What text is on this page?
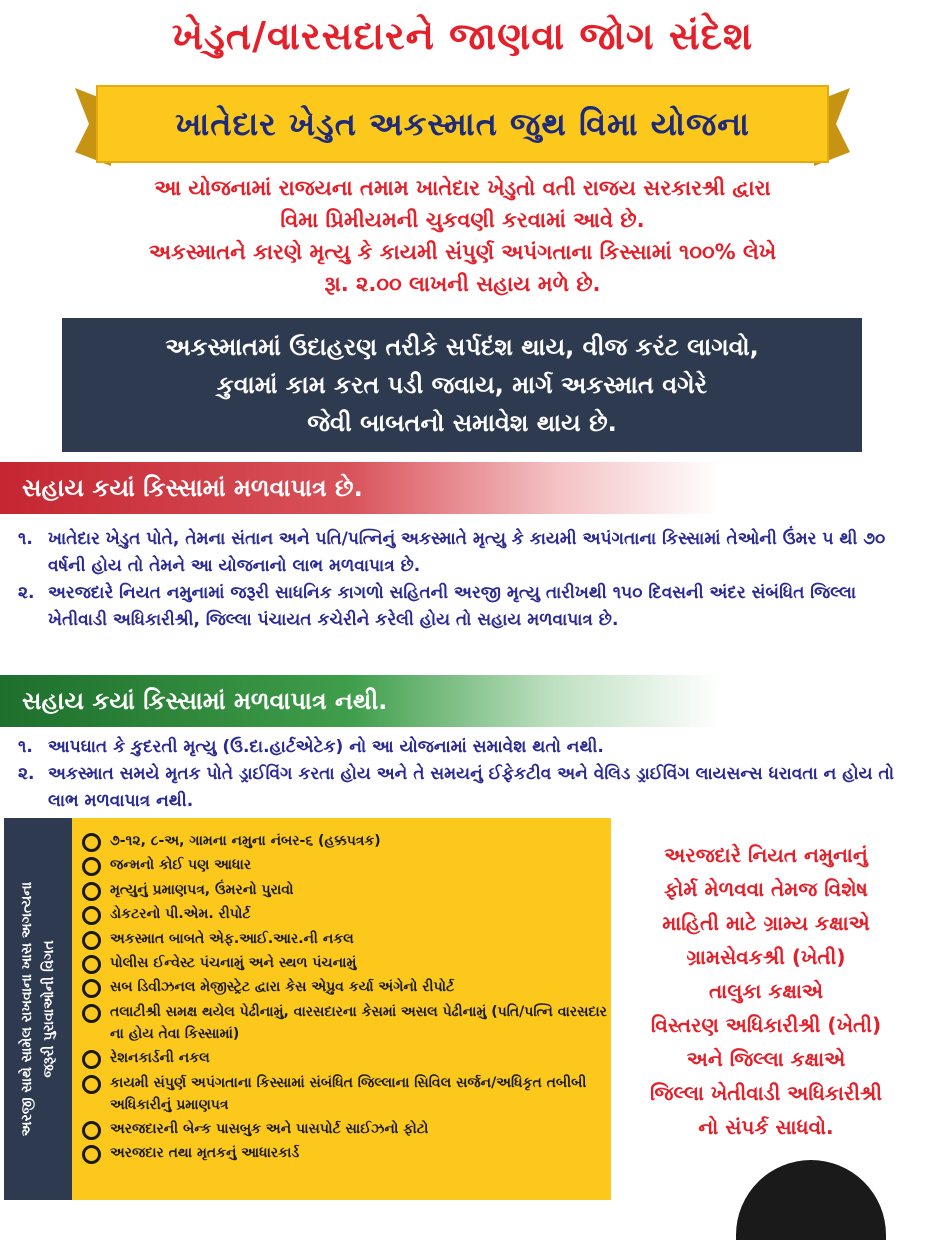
ખેડુત/વારસદારને જાણવા જોગ સંદેશ
ખાતેદાર ખેડુત અકસ્માત જુથ વિમા યોજના
આ યોજનામાં રાજયના તમામ ખાતેદાર ખેડુતો વતી રાજય સરકારશ્રી દ્વારા
વિમા પ્રિમીયમની ચુકવણી કરવામાં આવે છે.
અકસ્માતને કારણે મૃત્યુ કે કાયમી સંપુર્ણ અપંગતાના કિસ્સામાં ૧૦૦% લેખે
રૂા. ૨.૦૦ લાખની સહાય મળે છે.
અકસ્માતમાં ઉદાહરણ તરીકે સર્પદંશ થાય, વીજ કરંટ લાગવો,
કુવામાં કામ કરત પડી જવાય, માર્ગ અકસ્માત વગેરે
જેવી બાબતનો સમાવેશ થાય છે.
સહાય કયાં કિસ્સામાં મળવાપાત્ર છે.
૧. ખાતેદાર ખેડુત પોતે, તેમના સંતાન અને પતિ/પત્નિનું અકસ્માતે મૃત્યુ કે કાયમી અપંગતાના કિસ્સામાં તેઓની ઉંમર ૫ થી ૭૦ વર્ષની હોય તો તેમને આ યોજનાનો લાભ મળવાપાત્ર છે.
૨. અરજદારે નિયત નમુનામાં જરૂરી સાધનિક કાગળો સહિતની અરજી મૃત્યુ તારીખથી ૧૫૦ દિવસની અંદર સંબંધિત જિલ્લા ખેતીવાડી અધિકારીશ્રી, જિલ્લા પંચાયત કચેરીને કરેલી હોય તો સહાય મળવાપાત્ર છે.
સહાય કયાં કિસ્સામાં મળવાપાત્ર નથી.
૧. આપઘાત કે કુદરતી મૃત્યુ (ઉ.દા.હાર્ટએટેક) નો આ યોજનામાં સમાવેશ થતો નથી.
૨. અકસ્માત સમયે મૃતક પોતે ડ્રાઈવિંગ કરતા હોય અને તે સમયનું ઈફેકટીવ અને વેલિડ ડ્રાઈવિંગ લાયસન્સ ધરાવતા ન હોય તો લાભ મળવાપાત્ર નથી.
અરજી સાથે સામેલ રાખવાના ખાસ અગત્યના જરૂરી પુરાવાઓની વિગત
૭-૧૨, ૮-અ, ગામના નમુના નંબર-૬ (હક્કપત્રક)
જન્મનો કોઈ પણ આધાર
મૃત્યુનું પ્રમાણપત્ર, ઉંમરનો પુરાવો
ડોકટરનો પી.એમ. રીપોર્ટ
અકસ્માત બાબતે એફ.આઈ.આર.ની નકલ
પોલીસ ઈન્વેસ્ટ પંચનામું અને સ્થળ પંચનામું
સબ ડિવીઝનલ મેજીસ્ટ્રેટ દ્વારા કેસ એપ્રુવ કર્યા અંગેનો રીપોર્ટ
તલાટીશ્રી સમક્ષ થયેલ પેઢીનામું, વારસદારના કેસમાં અસલ પેઢીનામું (પતિ/પત્નિ વારસદાર ના હોય તેવા કિસ્સામાં)
રેશનકાર્ડની નકલ
કાયમી સંપુર્ણ અપંગતાના કિસ્સામાં સંબંધિત જિલ્લાના સિવિલ સર્જન/અધિકૃત તબીબી અધિકારીનું પ્રમાણપત્ર
અરજદારની બેન્ક પાસબુક અને પાસપોર્ટ સાઈઝનો ફોટો
અરજદાર તથા મૃતકનું આધારકાર્ડ
અરજદારે નિયત નમુનાનું
ફોર્મ મેળવવા તેમજ વિશેષ
માહિતી માટે ગ્રામ્ય કક્ષાએ
ગ્રામસેવકશ્રી (ખેતી)
તાલુકા કક્ષાએ
વિસ્તરણ અધિકારીશ્રી (ખેતી)
અને જિલ્લા કક્ષાએ
જિલ્લા ખેતીવાડી અધિકારીશ્રી
નો સંપર્ક સાધવો.
